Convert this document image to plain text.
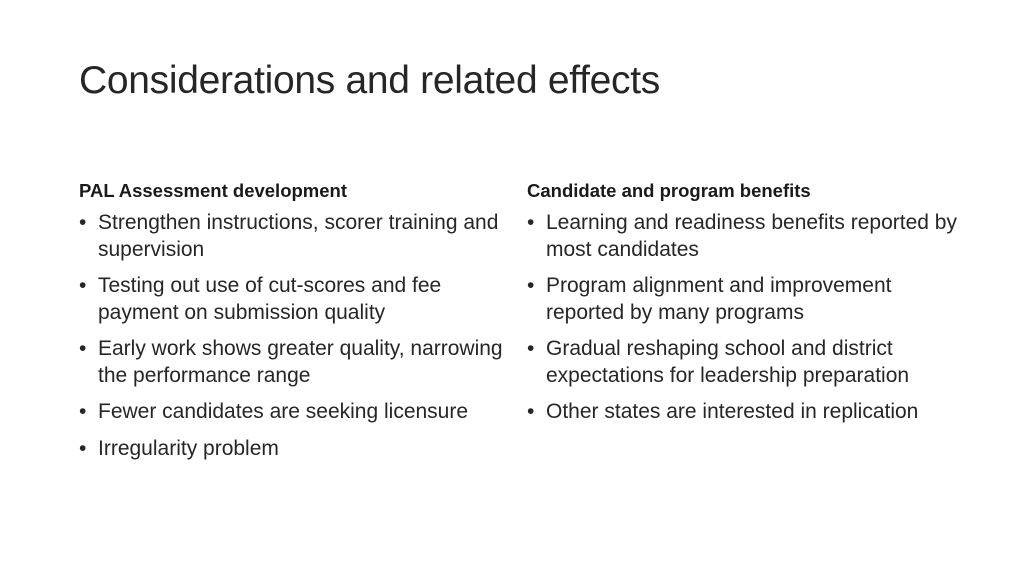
Considerations and related effects
PAL Assessment development
• Strengthen instructions, scorer training and supervision
• Testing out use of cut-scores and fee payment on submission quality
• Early work shows greater quality, narrowing the performance range
• Fewer candidates are seeking licensure
• Irregularity problem
Candidate and program benefits
• Learning and readiness benefits reported by most candidates
• Program alignment and improvement reported by many programs
• Gradual reshaping school and district expectations for leadership preparation
• Other states are interested in replication
